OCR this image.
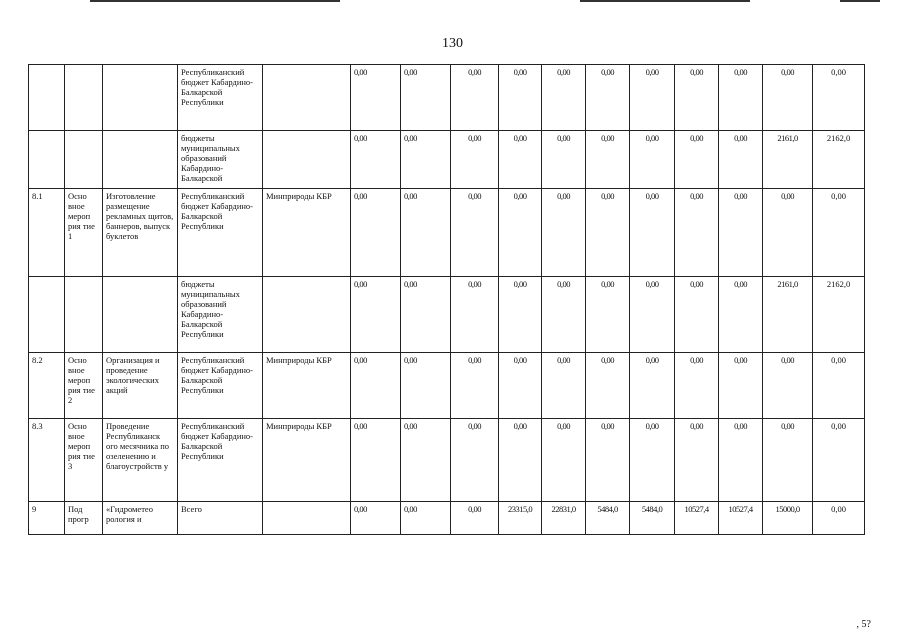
130
			Республиканский бюджет Кабардино-Балкарской Республики		0,00	0,00	0,00	0,00	0,00	0,00	0,00	0,00	0,00	0,00	0,00
			бюджеты муниципальных образований Кабардино-Балкарской		0,00	0,00	0,00	0,00	0,00	0,00	0,00	0,00	0,00	2161,0	2162,0
8.1	Осно вное мероп рия тие 1	Изготовление размещение рекламных щитов, баннеров, выпуск буклетов	Республиканский бюджет Кабардино-Балкарской Республики	Минприроды КБР	0,00	0,00	0,00	0,00	0,00	0,00	0,00	0,00	0,00	0,00	0,00
			бюджеты муниципальных образований Кабардино-Балкарской Республики		0,00	0,00	0,00	0,00	0,00	0,00	0,00	0,00	0,00	2161,0	2162,0
8.2	Осно вное мероп рия тие 2	Организация и проведение экологических акций	Республиканский бюджет Кабардино-Балкарской Республики	Минприроды КБР	0,00	0,00	0,00	0,00	0,00	0,00	0,00	0,00	0,00	0,00	0,00
8.3	Осно вное мероп рия тие 3	Проведение Республиканск ого месячника по озеленению и благоустройств у	Республиканский бюджет Кабардино-Балкарской Республики	Минприроды КБР	0,00	0,00	0,00	0,00	0,00	0,00	0,00	0,00	0,00	0,00	0,00
9	Под прогр	«Гидрометео рология и	Всего		0,00	0,00	0,00	23315,0	22831,0	5484,0	5484,0	10527,4	10527,4	15000,0	0,00
, 5?
